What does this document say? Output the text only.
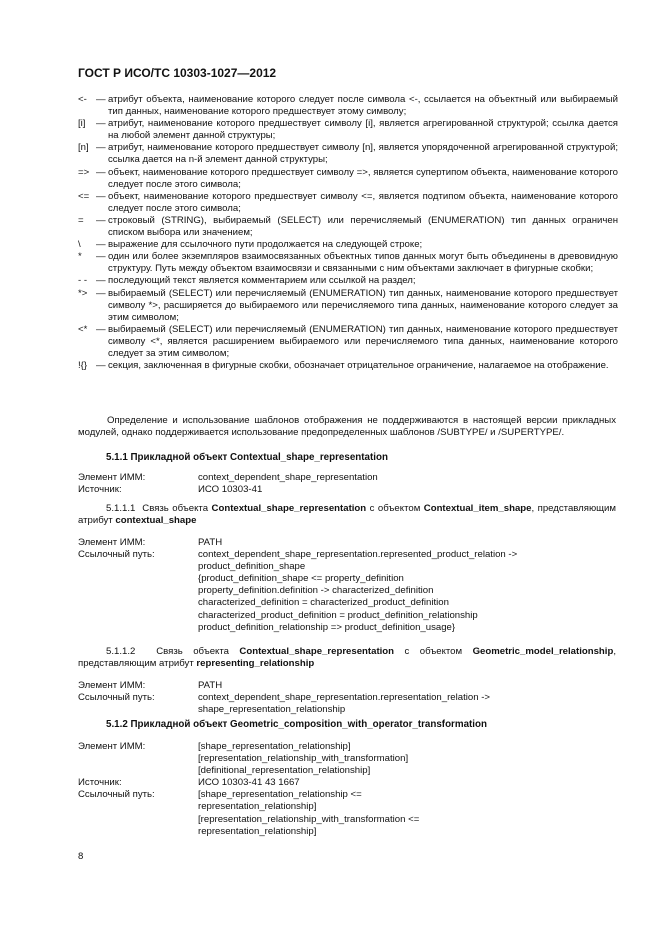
ГОСТ Р ИСО/ТС 10303-1027—2012
<- — атрибут объекта, наименование которого следует после символа <-, ссылается на объектный или выбираемый тип данных, наименование которого предшествует этому символу;
[i]	— атрибут, наименование которого предшествует символу [i], является агрегированной структурой; ссылка дается на любой элемент данной структуры;
[n] — атрибут, наименование которого предшествует символу [n], является упорядоченной агрегированной структурой; ссылка дается на n-й элемент данной структуры;
=> — объект, наименование которого предшествует символу =>, является супертипом объекта, наименование которого следует после этого символа;
<= — объект, наименование которого предшествует символу <=, является подтипом объекта, наименование которого следует после этого символа;
=	— строковый (STRING), выбираемый (SELECT) или перечисляемый (ENUMERATION) тип данных ограничен списком выбора или значением;
\	— выражение для ссылочного пути продолжается на следующей строке;
*	— один или более экземпляров взаимосвязанных объектных типов данных могут быть объединены в древовидную структуру. Путь между объектом взаимосвязи и связанными с ним объектами заключает в фигурные скобки;
- - — последующий текст является комментарием или ссылкой на раздел;
*> — выбираемый (SELECT) или перечисляемый (ENUMERATION) тип данных, наименование которого предшествует символу *>, расширяется до выбираемого или перечисляемого типа данных, наименование которого следует за этим символом;
<* — выбираемый (SELECT) или перечисляемый (ENUMERATION) тип данных, наименование которого предшествует символу <*, является расширением выбираемого или перечисляемого типа данных, наименование которого следует за этим символом;
!{} — секция, заключенная в фигурные скобки, обозначает отрицательное ограничение, налагаемое на отображение.
Определение и использование шаблонов отображения не поддерживаются в настоящей версии прикладных модулей, однако поддерживается использование предопределенных шаблонов /SUBTYPE/ и /SUPERTYPE/.
5.1.1 Прикладной объект Contextual_shape_representation
Элемент ИММ:	context_dependent_shape_representation
Источник:	ИСО 10303-41
5.1.1.1 Связь объекта Contextual_shape_representation с объектом Contextual_item_shape, представляющим атрибут contextual_shape
Элемент ИММ:	PATH
Ссылочный путь:	context_dependent_shape_representation.represented_product_relation ->
product_definition_shape
{product_definition_shape <= property_definition
property_definition.definition -> characterized_definition
characterized_definition = characterized_product_definition
characterized_product_definition = product_definition_relationship
product_definition_relationship => product_definition_usage}
5.1.1.2 Связь объекта Contextual_shape_representation с объектом Geometric_model_relationship, представляющим атрибут representing_relationship
Элемент ИММ:	PATH
Ссылочный путь:	context_dependent_shape_representation.representation_relation ->
shape_representation_relationship
5.1.2 Прикладной объект Geometric_composition_with_operator_transformation
Элемент ИММ:	[shape_representation_relationship]
[representation_relationship_with_transformation]
[definitional_representation_relationship]
Источник:	ИСО 10303-41 43 1667
Ссылочный путь:	[shape_representation_relationship <=
representation_relationship]
[representation_relationship_with_transformation <=
representation_relationship]
8
